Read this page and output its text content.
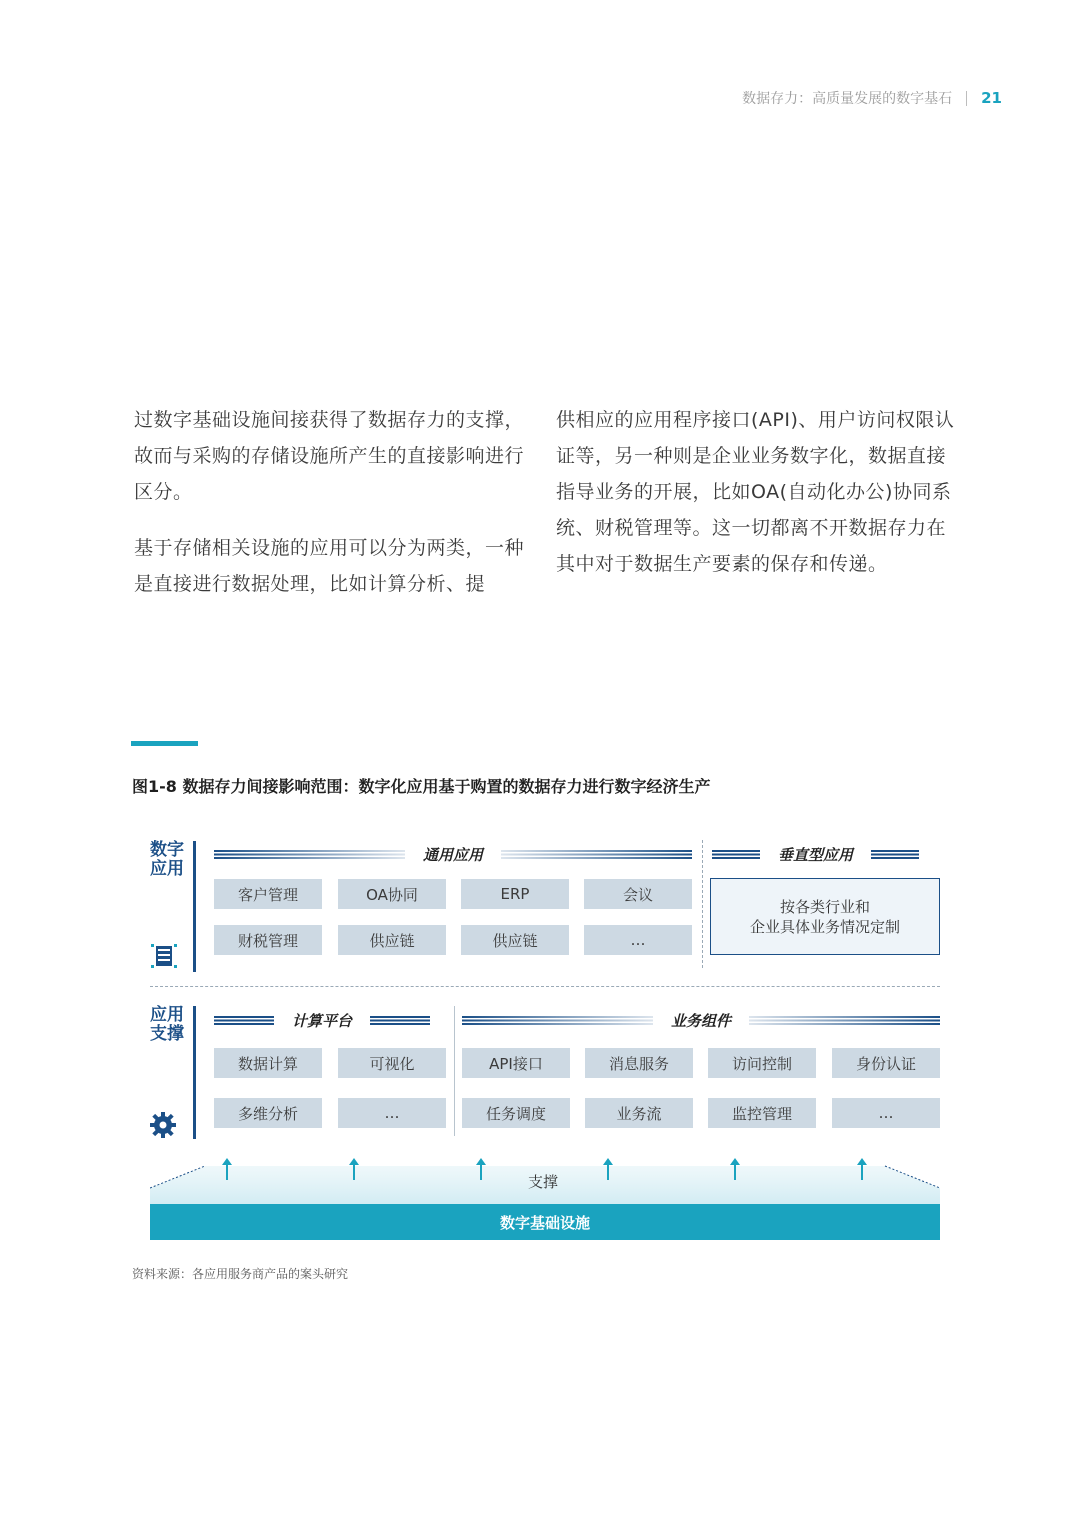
数据存力：高质量发展的数字基石 21

过数字基础设施间接获得了数据存力的支撑，故而与采购的存储设施所产生的直接影响进行区分。

基于存储相关设施的应用可以分为两类，一种是直接进行数据处理，比如计算分析、提

供相应的应用程序接口(API)、用户访问权限认证等，另一种则是企业业务数字化，数据直接指导业务的开展，比如OA(自动化办公)协同系统、财税管理等。这一切都离不开数据存力在其中对于数据生产要素的保存和传递。

图1-8 数据存力间接影响范围：数字化应用基于购置的数据存力进行数字经济生产
数字应用
通用应用
客户管理	OA协同	ERP	会议
财税管理	供应链	供应链	…
垂直型应用
按各类行业和
企业具体业务情况定制
应用支撑
计算平台
数据计算	可视化
多维分析	…
业务组件
API接口	消息服务	访问控制	身份认证
任务调度	业务流	监控管理	…
支撑
数字基础设施
资料来源：各应用服务商产品的案头研究
